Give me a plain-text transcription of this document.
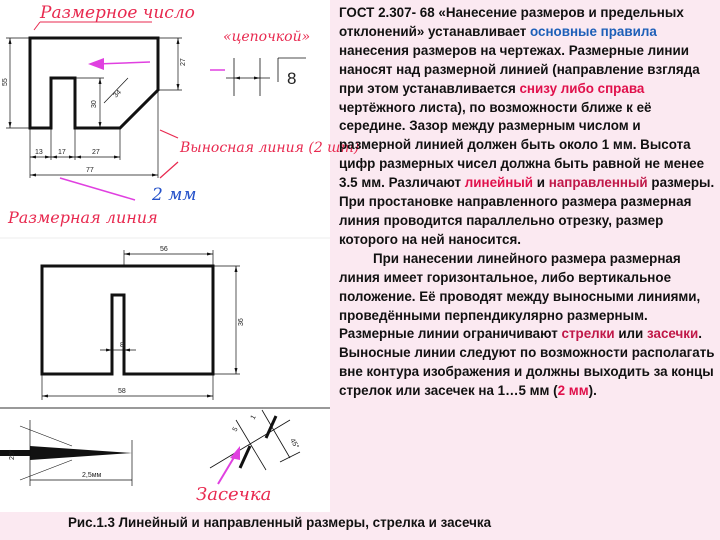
27
55
30
34
13 17	27
77
8
56
58
36
8
20°
2,5мм
5
1
45°
Размерное число
«цепочкой»
Выносная линия (2 шт)
2 мм
Размерная линия
Засечка

ГОСТ 2.307- 68 «Нанесение размеров и предельных отклонений» устанавливает основные правила нанесения размеров на чертежах. Размерные линии наносят над размерной линией (направление взгляда при этом устанавливается снизу либо справа чертёжного листа), по возможности ближе к её середине. Зазор между размерным числом и размерной линией должен быть около 1 мм. Высота цифр размерных чисел должна быть равной не менее 3.5 мм. Различают линейный и направленный размеры. При простановке направленного размера размерная линия проводится параллельно отрезку, размер которого на ней наносится.

При нанесении линейного размера размерная линия имеет горизонтальное, либо вертикальное положение. Её проводят между выносными линиями, проведёнными перпендикулярно размерным. Размерные линии ограничивают стрелки или засечки. Выносные линии следуют по возможности располагать вне контура изображения и должны выходить за концы стрелок или засечек на 1…5 мм (2 мм).

Рис.1.3 Линейный и направленный размеры, стрелка и засечка
